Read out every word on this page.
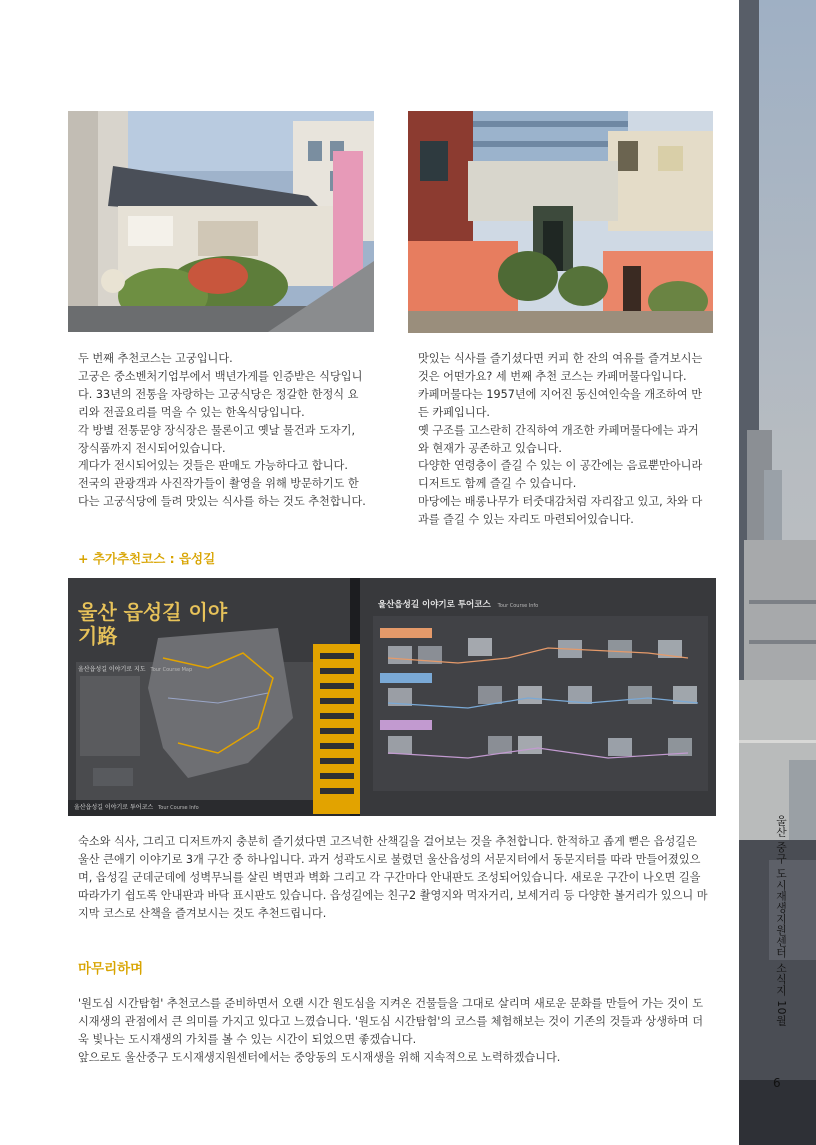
두 번째 추천코스는 고궁입니다.

고궁은 중소벤처기업부에서 백년가게를 인증받은 식당입니다. 33년의 전통을 자랑하는 고궁식당은 정갈한 한정식 요리와 전골요리를 먹을 수 있는 한옥식당입니다.

각 방별 전통문양 장식장은 물론이고 옛날 물건과 도자기, 장식품까지 전시되어있습니다.

게다가 전시되어있는 것들은 판매도 가능하다고 합니다.

전국의 관광객과 사진작가들이 촬영을 위해 방문하기도 한다는 고궁식당에 들려 맛있는 식사를 하는 것도 추천합니다.

맛있는 식사를 즐기셨다면 커피 한 잔의 여유를 즐겨보시는 것은 어떤가요? 세 번째 추천 코스는 카페머물다입니다.

카페머물다는 1957년에 지어진 동신여인숙을 개조하여 만든 카페입니다.

옛 구조를 고스란히 간직하여 개조한 카페머물다에는 과거와 현재가 공존하고 있습니다.

다양한 연령층이 즐길 수 있는 이 공간에는 음료뿐만아니라 디저트도 함께 즐길 수 있습니다.

마당에는 배롱나무가 터줏대감처럼 자리잡고 있고, 차와 다과를 즐길 수 있는 자리도 마련되어있습니다.

+ 추가추천코스 : 읍성길
울산 읍성길 이야기路
울산읍성길 이야기로 지도 Tour Course Map
울산읍성길 이야기로 투어코스 Tour Course Info
울산읍성길 이야기로 투어코스 Tour Course Info

숙소와 식사, 그리고 디저트까지 충분히 즐기셨다면 고즈넉한 산책길을 걸어보는 것을 추천합니다. 한적하고 좁게 뻗은 읍성길은 울산 큰애기 이야기로 3개 구간 중 하나입니다. 과거 성곽도시로 불렸던 울산읍성의 서문지터에서 동문지터를 따라 만들어졌있으며, 읍성길 군데군데에 성벽무늬를 살린 벽면과 벽화 그리고 각 구간마다 안내판도 조성되어있습니다. 새로운 구간이 나오면 길을 따라가기 쉽도록 안내판과 바닥 표시판도 있습니다. 읍성길에는 친구2 촬영지와 먹자거리, 보세거리 등 다양한 볼거리가 있으니 마지막 코스로 산책을 즐겨보시는 것도 추천드립니다.

마무리하며

'원도심 시간탐험' 추천코스를 준비하면서 오랜 시간 원도심을 지켜온 건물들을 그대로 살리며 새로운 문화를 만들어 가는 것이 도시재생의 관점에서 큰 의미를 가지고 있다고 느꼈습니다. '원도심 시간탐험'의 코스를 체험해보는 것이 기존의 것들과 상생하며 더욱 빛나는 도시재생의 가치를 볼 수 있는 시간이 되었으면 좋겠습니다.

앞으로도 울산중구 도시재생지원센터에서는 중앙동의 도시재생을 위해 지속적으로 노력하겠습니다.

울산 중구 도시재생지원센터 소식지 10월
6
